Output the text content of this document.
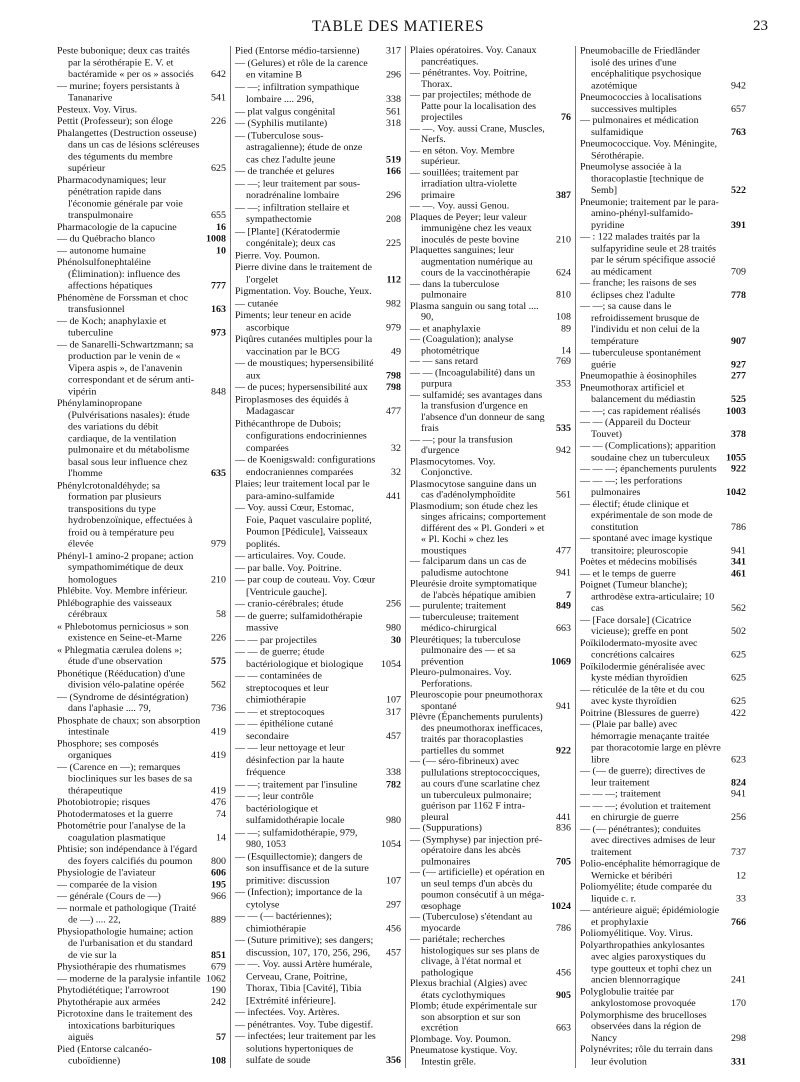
TABLE DES MATIERES	23
Peste bubonique; deux cas traités par la sérothérapie E. V. et bactéramide « per os » associés	642
— murine; foyers persistants à Tananarive	541
Pesteux. Voy. Virus.
Pettit (Professeur); son éloge	226
Phalangettes (Destruction osseuse) dans un cas de lésions scléreuses des téguments du membre supérieur	625
Pharmacodynamiques; leur pénétration rapide dans l'économie générale par voie transpulmonaire	655
Pharmacologie de la capucine	16
— du Québracho blanco	1008
— autonome humaine	10
Phénolsulfonephtaléine (Élimination): influence des affections hépatiques	777
Phénomène de Forssman et choc transfusionnel	163
— de Koch; anaphylaxie et tuberculine	973
— de Sanarelli-Schwartzmann; sa production par le venin de « Vipera aspis », de l'anavenin correspondant et de sérum anti-vipérin	848
Phénylaminopropane (Pulvérisations nasales): étude des variations du débit cardiaque, de la ventilation pulmonaire et du métabolisme basal sous leur influence chez l'homme	635
Phénylcrotonaldéhyde; sa formation par plusieurs transpositions du type hydrobenzoïnique, effectuées à froid ou à température peu élevée	979
Phényl-1 amino-2 propane; action sympathomimétique de deux homologues	210
Phlébite. Voy. Membre inférieur.
Phlébographie des vaisseaux cérébraux	58
« Phlebotomus perniciosus » son existence en Seine-et-Marne	226
« Phlegmatia cærulea dolens »; étude d'une observation	575
Phonétique (Rééducation) d'une division vélo-palatine opérée	562
— (Syndrome de désintégration) dans l'aphasie .... 79,	736
Phosphate de chaux; son absorption intestinale	419
Phosphore; ses composés organiques	419
— (Carence en —); remarques biocliniques sur les bases de sa thérapeutique	419
Photobiotropie; risques	476
Photodermatoses et la guerre	74
Photométrie pour l'analyse de la coagulation plasmatique	14
Phtisie; son indépendance à l'égard des foyers calcifiés du poumon	800
Physiologie de l'aviateur	606
— comparée de la vision	195
— générale (Cours de —)	966
— normale et pathologique (Traité de —) .... 22,	889
Physiopathologie humaine; action de l'urbanisation et du standard de vie sur la	851
Physiothérapie des rhumatismes	679
— moderne de la paralysie infantile 1062
Phytodiététique; l'arrowroot	190
Phytothérapie aux armées	242
Picrotoxine dans le traitement des intoxications barbituriques aiguës	57
Pied (Entorse calcanéo-cuboïdienne)	108
Pied (Entorse médio-tarsienne)	317
— (Gelures) et rôle de la carence en vitamine B	296
— —; infiltration sympathique lombaire .... 296,	338
— plat valgus congénital	561
— (Syphilis mutilante)	318
— (Tuberculose sous-astragalienne); étude de onze cas chez l'adulte jeune	519
— de tranchée et gelures	166
— —; leur traitement par sous-noradrénaline lombaire	296
— —; infiltration stellaire et sympathectomie	208
— [Plante] (Kératodermie congénitale); deux cas	225
Pierre. Voy. Poumon.
Pierre divine dans le traitement de l'orgelet	112
Pigmentation. Voy. Bouche, Yeux.
— cutanée	982
Piments; leur teneur en acide ascorbique	979
Piqûres cutanées multiples pour la vaccination par le BCG	49
— de moustiques; hypersensibilité aux	798
— de puces; hypersensibilité aux	798
Piroplasmoses des équidés à Madagascar	477
Pithécanthrope de Dubois; configurations endocriniennes comparées	32
— de Koenigswald: configurations endocraniennes comparées	32
Plaies; leur traitement local par le para-amino-sulfamide	441
— Voy. aussi Cœur, Estomac, Foie, Paquet vasculaire poplité, Poumon [Pédicule], Vaisseaux poplités.
— articulaires. Voy. Coude.
— par balle. Voy. Poitrine.
— par coup de couteau. Voy. Cœur [Ventricule gauche].
— cranio-cérébrales; étude	256
— de guerre; sulfamidothérapie massive	980
— — par projectiles	30
— — de guerre; étude bactériologique et biologique	1054
— — contaminées de streptocoques et leur chimiothérapie	107
— — et streptocoques	317
— — épithélione cutané secondaire	457
— — leur nettoyage et leur désinfection par la haute fréquence	338
— —; traitement par l'insuline	782
— —; leur contrôle bactériologique et sulfamidothérapie locale	980
— —; sulfamidothérapie, 979, 980, 1053	1054
— (Esquillectomie); dangers de son insuffisance et de la suture primitive: discussion	107
— (Infection); importance de la cytolyse	297
— — (— bactériennes); chimiothérapie	456
— (Suture primitive); ses dangers; discussion, 107, 170, 256, 296,	457
— —. Voy. aussi Artère humérale, Cerveau, Crane, Poitrine, Thorax, Tibia [Cavité], Tibia [Extrémité inférieure].
— infectées. Voy. Artères.
— pénétrantes. Voy. Tube digestif.
— infectées; leur traitement par les solutions hypertoniques de sulfate de soude	356
Plaies opératoires. Voy. Canaux pancréatiques.
— pénétrantes. Voy. Poitrine, Thorax.
— par projectiles; méthode de Patte pour la localisation des projectiles	76
— —. Voy. aussi Crane, Muscles, Nerfs.
— en séton. Voy. Membre supérieur.
— souillées; traitement par irradiation ultra-violette primaire	387
— —. Voy. aussi Genou.
Plaques de Peyer; leur valeur immunigène chez les veaux inoculés de peste bovine	210
Plaquettes sanguines; leur augmentation numérique au cours de la vaccinothérapie	624
— dans la tuberculose pulmonaire	810
Plasma sanguin ou sang total .... 90,	108
— et anaphylaxie	89
— (Coagulation); analyse photométrique	14
— — sans retard	769
— — (Incoagulabilité) dans un purpura	353
— sulfamidé; ses avantages dans la transfusion d'urgence en l'absence d'un donneur de sang frais	535
— —; pour la transfusion d'urgence	942
Plasmocytomes. Voy. Conjonctive.
Plasmocytose sanguine dans un cas d'adénolymphoïdite	561
Plasmodium; son étude chez les singes africains; comportement différent des « Pl. Gonderi » et « Pl. Kochi » chez les moustiques	477
— falciparum dans un cas de paludisme autochtone	941
Pleurésie droite symptomatique de l'abcès hépatique amibien	7
— purulente; traitement	849
— tuberculeuse; traitement médico-chirurgical	663
Pleurétiques; la tuberculose pulmonaire des — et sa prévention	1069
Pleuro-pulmonaires. Voy. Perforations.
Pleuroscopie pour pneumothorax spontané	941
Plèvre (Épanchements purulents) des pneumothorax inefficaces, traités par thoracoplasties partielles du sommet	922
— (— séro-fibrineux) avec pullulations streptococciques, au cours d'une scarlatine chez un tuberculeux pulmonaire; guérison par 1162 F intra-pleural	441
— (Suppurations)	836
— (Symphyse) par injection pré-opératoire dans les abcès pulmonaires	705
— (— artificielle) et opération en un seul temps d'un abcès du poumon consécutif à un méga-œsophage	1024
— (Tuberculose) s'étendant au myocarde	786
— pariétale; recherches histologiques sur ses plans de clivage, à l'état normal et pathologique	456
Plexus brachial (Algies) avec états cyclothymiques	905
Plomb; étude expérimentale sur son absorption et sur son excrétion	663
Plombage. Voy. Poumon.
Pneumatose kystique. Voy. Intestin grêle.
Pneumobacille de Friedländer isolé des urines d'une encéphalitique psychosique azotémique	942
Pneumococcies à localisations successives multiples	657
— pulmonaires et médication sulfamidique	763
Pneumococcique. Voy. Méningite, Sérothérapie.
Pneumolyse associée à la thoracoplastie [technique de Semb]	522
Pneumonie; traitement par le para-amino-phényl-sulfamido-pyridine	391
— : 122 malades traités par la sulfapyridine seule et 28 traités par le sérum spécifique associé au médicament	709
— franche; les raisons de ses éclipses chez l'adulte	778
— —; sa cause dans le refroidissement brusque de l'individu et non celui de la température	907
— tuberculeuse spontanément guérie	927
Pneumopathie à éosinophiles	277
Pneumothorax artificiel et balancement du médiastin	525
— —; cas rapidement réalisés	1003
— — (Appareil du Docteur Touvet)	378
— — (Complications); apparition soudaine chez un tuberculeux	1055
— — —; épanchements purulents	922
— — —; les perforations pulmonaires	1042
— électif; étude clinique et expérimentale de son mode de constitution	786
— spontané avec image kystique transitoire; pleuroscopie	941
Poètes et médecins mobilisés	341
— et le temps de guerre	461
Poignet (Tumeur blanche); arthrodèse extra-articulaire; 10 cas	562
— [Face dorsale] (Cicatrice vicieuse); greffe en pont	502
Poïkilodermato-myosite avec concrétions calcaires	625
Poïkilodermie généralisée avec kyste médian thyroïdien	625
— réticulée de la tête et du cou avec kyste thyroïdien	625
Poitrine (Blessures de guerre)	422
— (Plaie par balle) avec hémorragie menaçante traitée par thoracotomie large en plèvre libre	623
— (— de guerre); directives de leur traitement	824
— — —; traitement	941
— — —; évolution et traitement en chirurgie de guerre	256
— (— pénétrantes); conduites avec directives admises de leur traitement	737
Polio-encéphalite hémorragique de Wernicke et béribéri	12
Poliomyélite; étude comparée du liquide c. r.	33
— antérieure aiguë; épidémiologie et prophylaxie	766
Poliomyélitique. Voy. Virus.
Polyarthropathies ankylosantes avec algies paroxystiques du type goutteux et tophi chez un ancien blennorragique	241
Polyglobulie traitée par ankylostomose provoquée	170
Polymorphisme des brucelloses observées dans la région de Nancy	298
Polynévrites; rôle du terrain dans leur évolution	331
